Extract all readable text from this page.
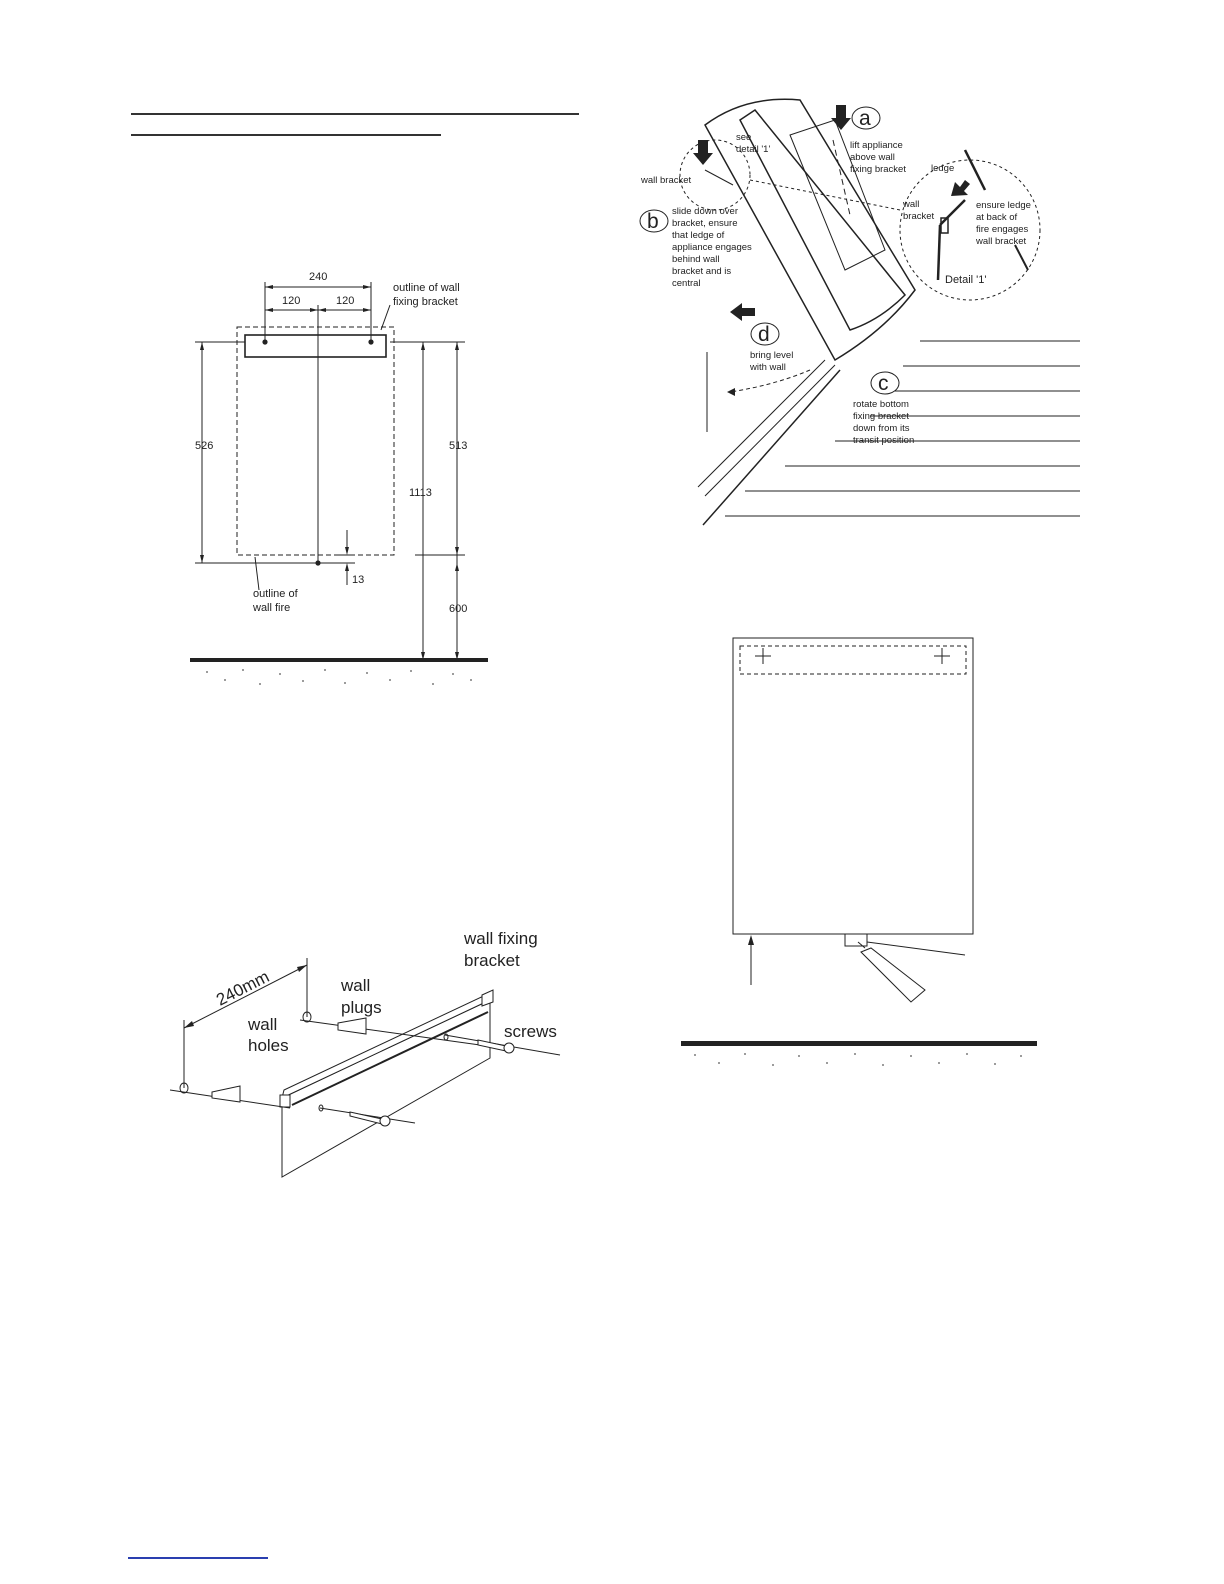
240
120	120
outline of wall
fixing bracket
526	513
1113
13
600
outline of
wall fire
240mm
wall
holes
wall
plugs
wall fixing
bracket
screws
a
b
c
d
lift appliance
above wall
fixing bracket
slide down over
bracket, ensure
that ledge of
appliance engages
behind wall
bracket and is
central
rotate bottom
fixing bracket
down from its
transit position
bring level
with wall
see
detail '1'
wall bracket
ledge
wall
bracket
ensure ledge
at back of
fire engages
wall bracket
Detail '1'
